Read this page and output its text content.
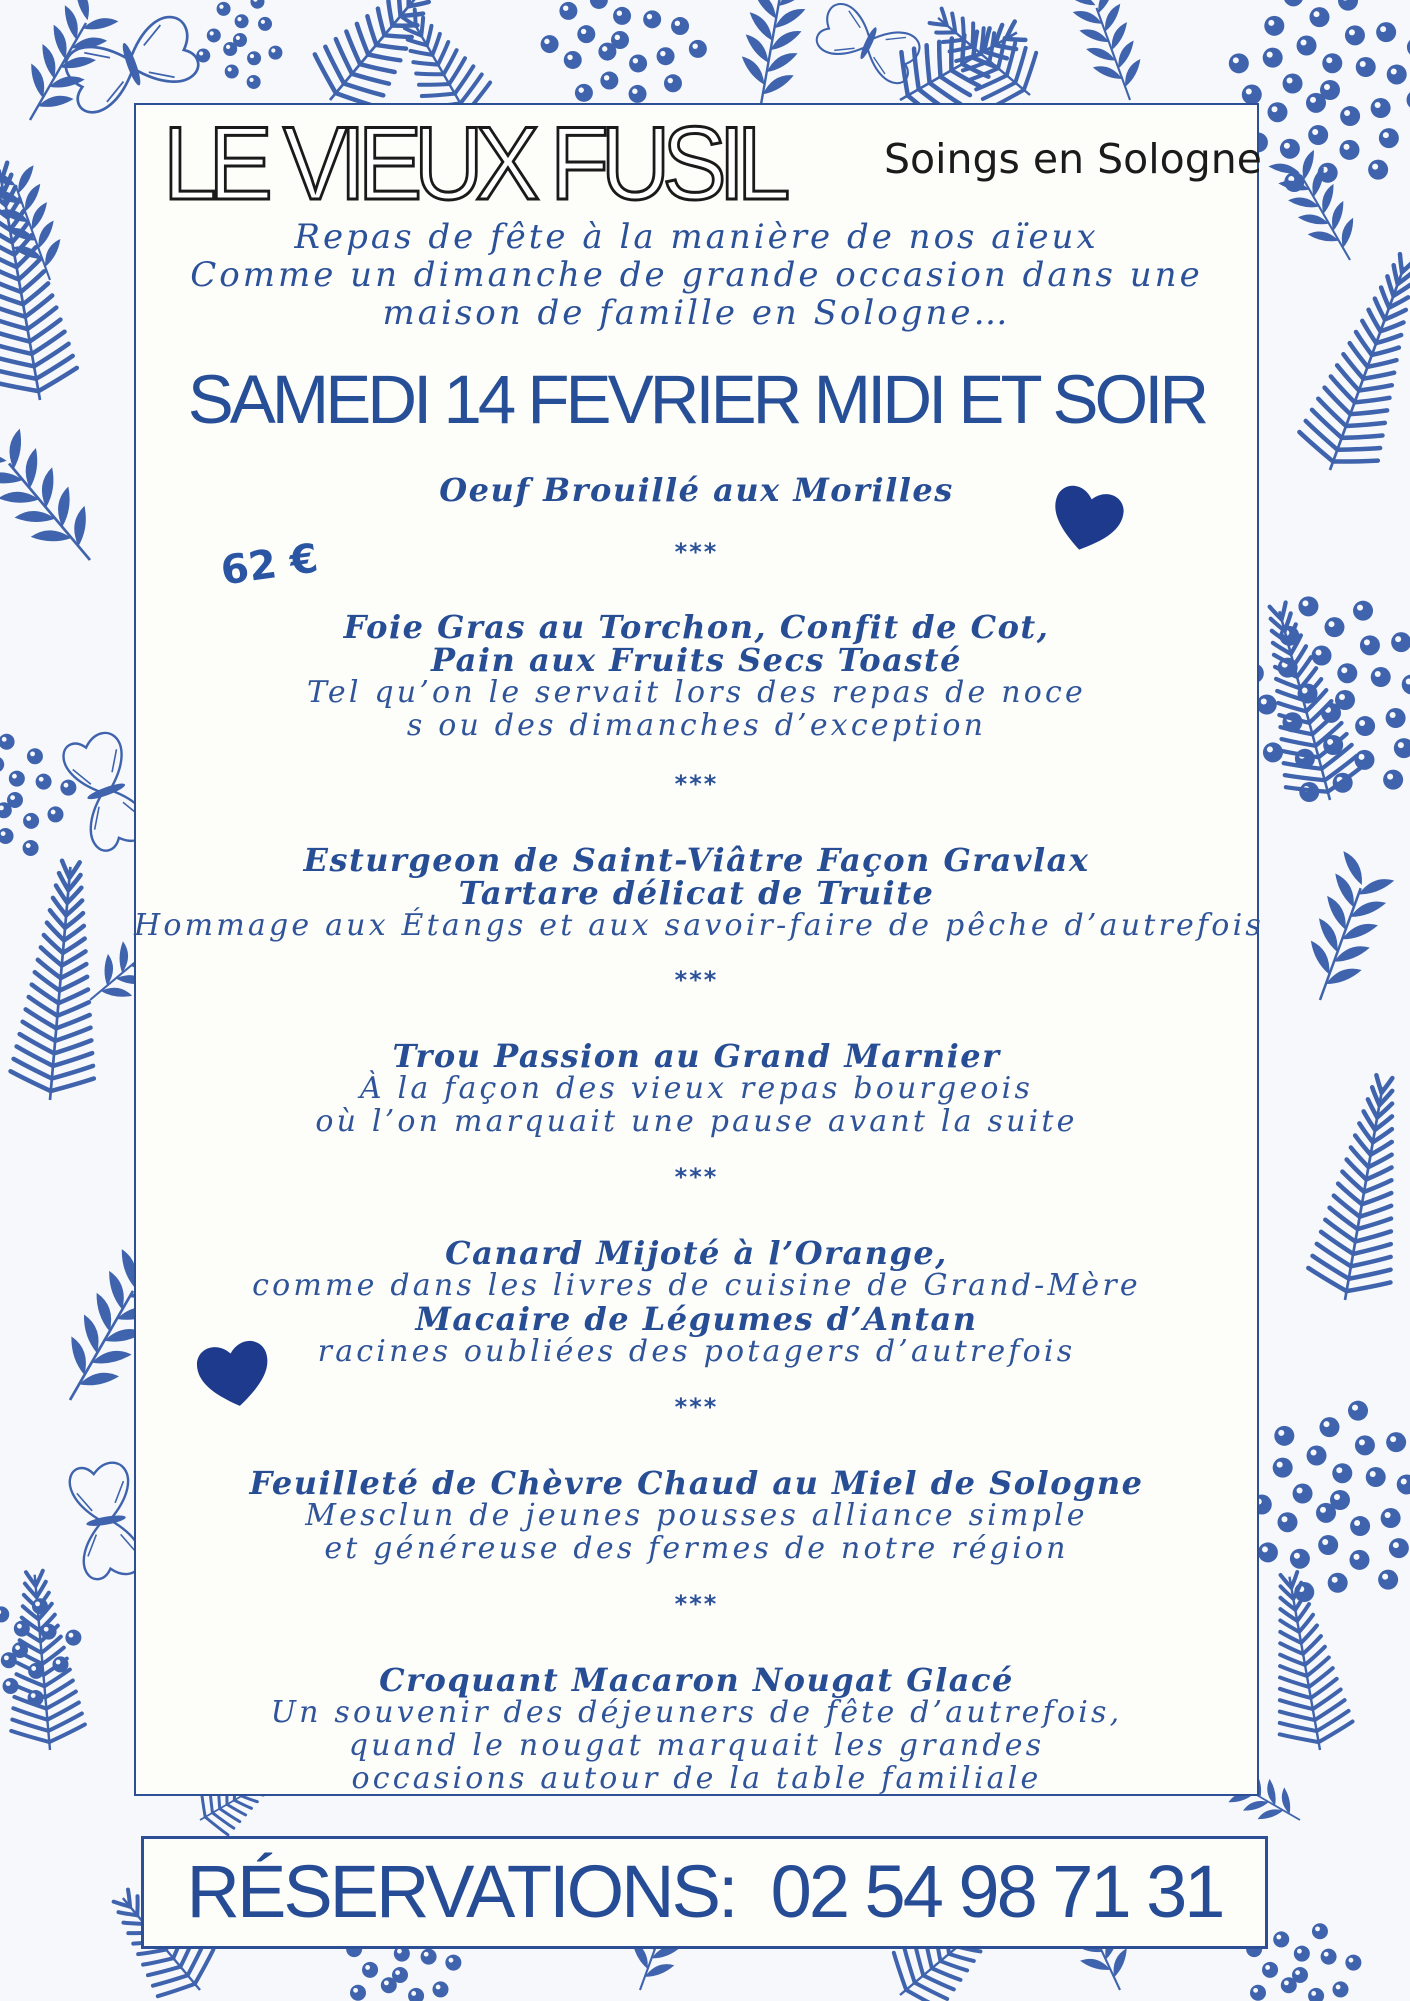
LE VIEUX FUSIL Soings en Sologne
Repas de fête à la manière de nos aïeux
Comme un dimanche de grande occasion dans une
maison de famille en Sologne…
SAMEDI 14 FEVRIER MIDI ET SOIR
62 €
Oeuf Brouillé aux Morilles
Foie Gras au Torchon, Confit de Cot,
Pain aux Fruits Secs Toasté
Tel qu’on le servait lors des repas de noce
s ou des dimanches d’exception
Esturgeon de Saint-Viâtre Façon Gravlax
Tartare délicat de Truite
Hommage aux Étangs et aux savoir-faire de pêche d’autrefois
Trou Passion au Grand Marnier
À la façon des vieux repas bourgeois
où l’on marquait une pause avant la suite
Canard Mijoté à l’Orange,
comme dans les livres de cuisine de Grand-Mère
Macaire de Légumes d’Antan
racines oubliées des potagers d’autrefois
Feuilleté de Chèvre Chaud au Miel de Sologne
Mesclun de jeunes pousses alliance simple
et généreuse des fermes de notre région
Croquant Macaron Nougat Glacé
Un souvenir des déjeuners de fête d’autrefois,
quand le nougat marquait les grandes
occasions autour de la table familiale
***
***
***
***
***
***
RÉSERVATIONS: 02 54 98 71 31
